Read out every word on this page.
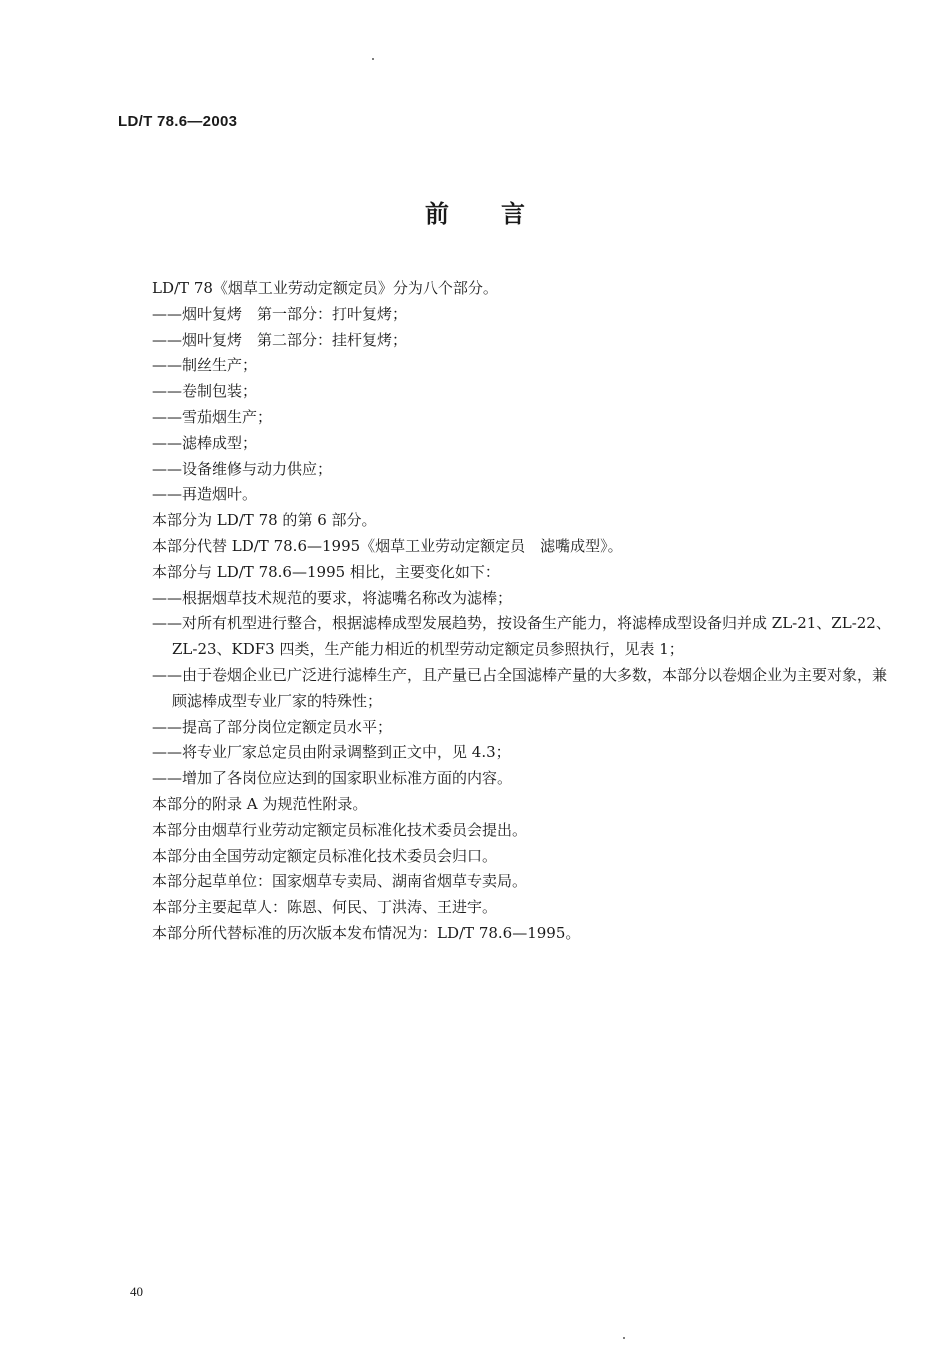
LD/T 78.6—2003
前言
LD/T 78《烟草工业劳动定额定员》分为八个部分。
——烟叶复烤　第一部分：打叶复烤；
——烟叶复烤　第二部分：挂杆复烤；
——制丝生产；
——卷制包装；
——雪茄烟生产；
——滤棒成型；
——设备维修与动力供应；
——再造烟叶。
本部分为 LD/T 78 的第 6 部分。
本部分代替 LD/T 78.6—1995《烟草工业劳动定额定员　滤嘴成型》。
本部分与 LD/T 78.6—1995 相比，主要变化如下：
——根据烟草技术规范的要求，将滤嘴名称改为滤棒；
——对所有机型进行整合，根据滤棒成型发展趋势，按设备生产能力，将滤棒成型设备归并成 ZL-21、ZL-22、ZL-23、KDF3 四类，生产能力相近的机型劳动定额定员参照执行，见表 1；
——由于卷烟企业已广泛进行滤棒生产，且产量已占全国滤棒产量的大多数，本部分以卷烟企业为主要对象，兼顾滤棒成型专业厂家的特殊性；
——提高了部分岗位定额定员水平；
——将专业厂家总定员由附录调整到正文中，见 4.3；
——增加了各岗位应达到的国家职业标准方面的内容。
本部分的附录 A 为规范性附录。
本部分由烟草行业劳动定额定员标准化技术委员会提出。
本部分由全国劳动定额定员标准化技术委员会归口。
本部分起草单位：国家烟草专卖局、湖南省烟草专卖局。
本部分主要起草人：陈恩、何民、丁洪涛、王进宇。
本部分所代替标准的历次版本发布情况为：LD/T 78.6—1995。
40
